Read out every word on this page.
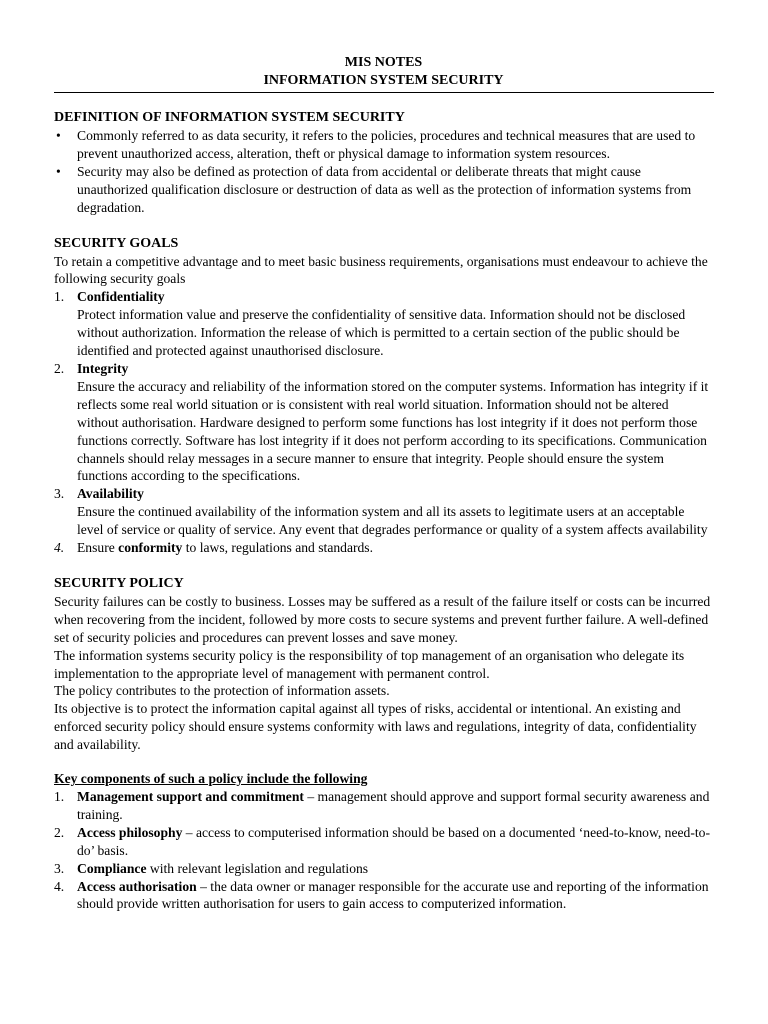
MIS NOTES
INFORMATION SYSTEM SECURITY
DEFINITION OF INFORMATION SYSTEM SECURITY
• Commonly referred to as data security, it refers to the policies, procedures and technical measures that are used to prevent unauthorized access, alteration, theft or physical damage to information system resources.
• Security may also be defined as protection of data from accidental or deliberate threats that might cause unauthorized qualification disclosure or destruction of data as well as the protection of information systems from degradation.
SECURITY GOALS

To retain a competitive advantage and to meet basic business requirements, organisations must endeavour to achieve the following security goals

1. Confidentiality
Protect information value and preserve the confidentiality of sensitive data. Information should not be disclosed without authorization. Information the release of which is permitted to a certain section of the public should be identified and protected against unauthorised disclosure.
2. Integrity
Ensure the accuracy and reliability of the information stored on the computer systems. Information has integrity if it reflects some real world situation or is consistent with real world situation. Information should not be altered without authorisation. Hardware designed to perform some functions has lost integrity if it does not perform those functions correctly. Software has lost integrity if it does not perform according to its specifications. Communication channels should relay messages in a secure manner to ensure that integrity. People should ensure the system functions according to the specifications.
3. Availability
Ensure the continued availability of the information system and all its assets to legitimate users at an acceptable level of service or quality of service. Any event that degrades performance or quality of a system affects availability
4. Ensure conformity to laws, regulations and standards.
SECURITY POLICY

Security failures can be costly to business. Losses may be suffered as a result of the failure itself or costs can be incurred when recovering from the incident, followed by more costs to secure systems and prevent further failure. A well-defined set of security policies and procedures can prevent losses and save money.

The information systems security policy is the responsibility of top management of an organisation who delegate its implementation to the appropriate level of management with permanent control.

The policy contributes to the protection of information assets.

Its objective is to protect the information capital against all types of risks, accidental or intentional. An existing and enforced security policy should ensure systems conformity with laws and regulations, integrity of data, confidentiality and availability.

Key components of such a policy include the following
1. Management support and commitment – management should approve and support formal security awareness and training.
2. Access philosophy – access to computerised information should be based on a documented ‘need-to-know, need-to-do’ basis.
3. Compliance with relevant legislation and regulations
4. Access authorisation – the data owner or manager responsible for the accurate use and reporting of the information should provide written authorisation for users to gain access to computerized information.
